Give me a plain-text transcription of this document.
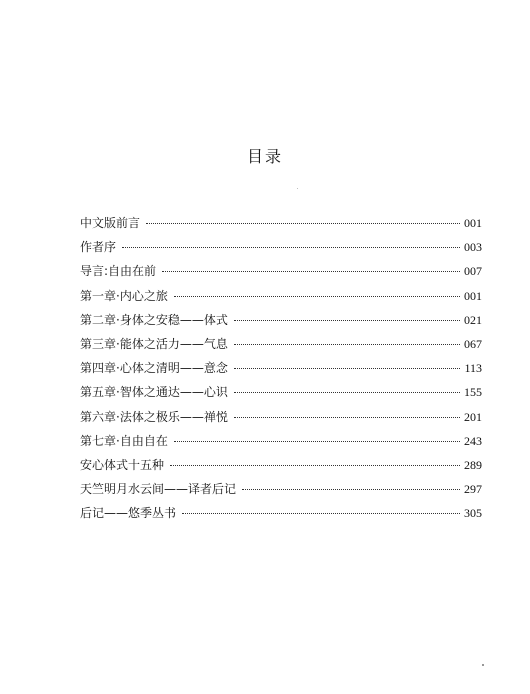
目录
中文版前言	001
作者序	003
导言:自由在前	007
第一章·内心之旅	001
第二章·身体之安稳——体式	021
第三章·能体之活力——气息	067
第四章·心体之清明——意念	113
第五章·智体之通达——心识	155
第六章·法体之极乐——禅悦	201
第七章·自由自在	243
安心体式十五种	289
天竺明月水云间——译者后记	297
后记——悠季丛书	305
